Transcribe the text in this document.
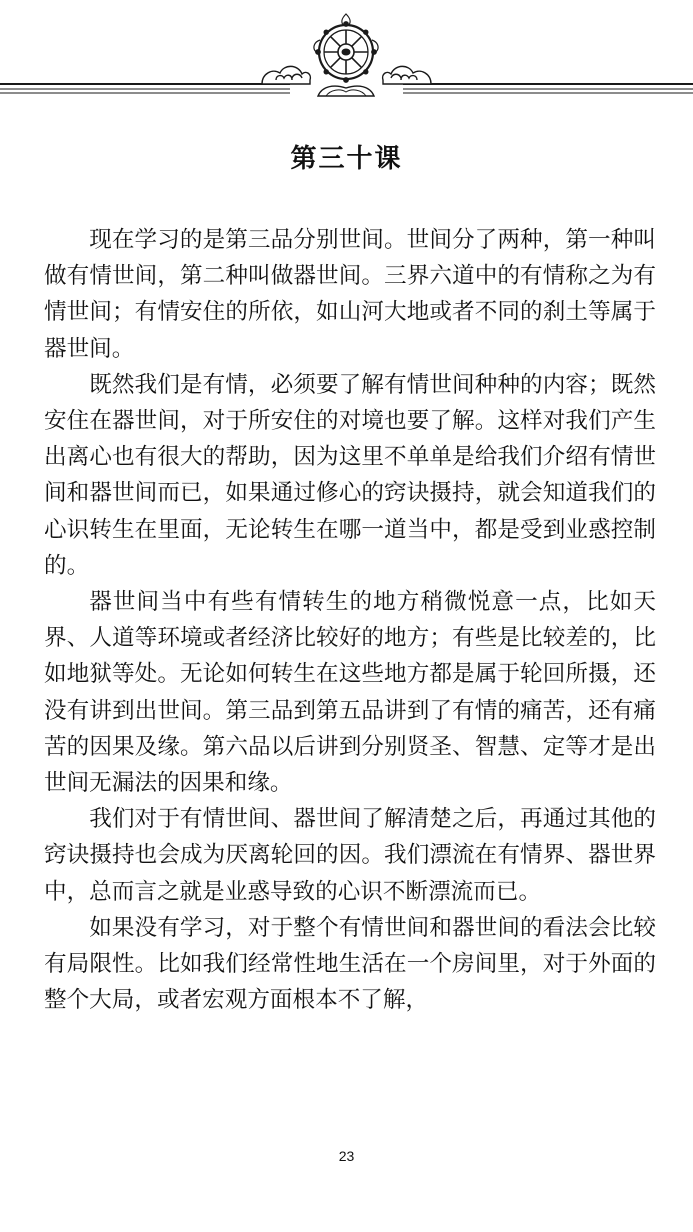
第三十课

现在学习的是第三品分别世间。世间分了两种，第一种叫做有情世间，第二种叫做器世间。三界六道中的有情称之为有情世间；有情安住的所依，如山河大地或者不同的刹土等属于器世间。

既然我们是有情，必须要了解有情世间种种的内容；既然安住在器世间，对于所安住的对境也要了解。这样对我们产生出离心也有很大的帮助，因为这里不单单是给我们介绍有情世间和器世间而已，如果通过修心的窍诀摄持，就会知道我们的心识转生在里面，无论转生在哪一道当中，都是受到业惑控制的。

器世间当中有些有情转生的地方稍微悦意一点，比如天界、人道等环境或者经济比较好的地方；有些是比较差的，比如地狱等处。无论如何转生在这些地方都是属于轮回所摄，还没有讲到出世间。第三品到第五品讲到了有情的痛苦，还有痛苦的因果及缘。第六品以后讲到分别贤圣、智慧、定等才是出世间无漏法的因果和缘。

我们对于有情世间、器世间了解清楚之后，再通过其他的窍诀摄持也会成为厌离轮回的因。我们漂流在有情界、器世界中，总而言之就是业惑导致的心识不断漂流而已。

如果没有学习，对于整个有情世间和器世间的看法会比较有局限性。比如我们经常性地生活在一个房间里，对于外面的整个大局，或者宏观方面根本不了解，

23
